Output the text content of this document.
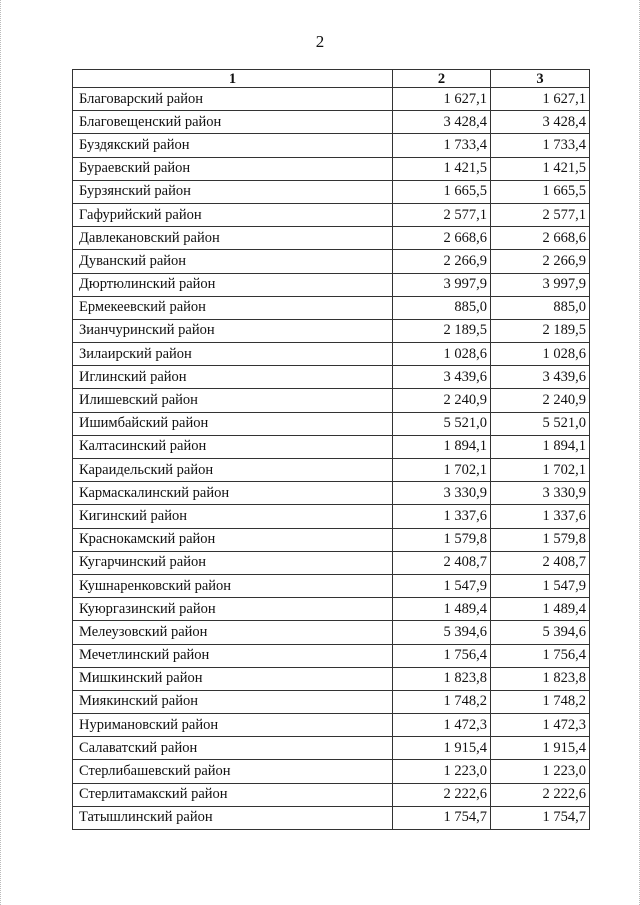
2
1	2	3
Благоварский район	1 627,1	1 627,1
Благовещенский район	3 428,4	3 428,4
Буздякский район	1 733,4	1 733,4
Бураевский район	1 421,5	1 421,5
Бурзянский район	1 665,5	1 665,5
Гафурийский район	2 577,1	2 577,1
Давлекановский район	2 668,6	2 668,6
Дуванский район	2 266,9	2 266,9
Дюртюлинский район	3 997,9	3 997,9
Ермекеевский район	885,0	885,0
Зианчуринский район	2 189,5	2 189,5
Зилаирский район	1 028,6	1 028,6
Иглинский район	3 439,6	3 439,6
Илишевский район	2 240,9	2 240,9
Ишимбайский район	5 521,0	5 521,0
Калтасинский район	1 894,1	1 894,1
Караидельский район	1 702,1	1 702,1
Кармаскалинский район	3 330,9	3 330,9
Кигинский район	1 337,6	1 337,6
Краснокамский район	1 579,8	1 579,8
Кугарчинский район	2 408,7	2 408,7
Кушнаренковский район	1 547,9	1 547,9
Куюргазинский район	1 489,4	1 489,4
Мелеузовский район	5 394,6	5 394,6
Мечетлинский район	1 756,4	1 756,4
Мишкинский район	1 823,8	1 823,8
Миякинский район	1 748,2	1 748,2
Нуримановский район	1 472,3	1 472,3
Салаватский район	1 915,4	1 915,4
Стерлибашевский район	1 223,0	1 223,0
Стерлитамакский район	2 222,6	2 222,6
Татышлинский район	1 754,7	1 754,7
